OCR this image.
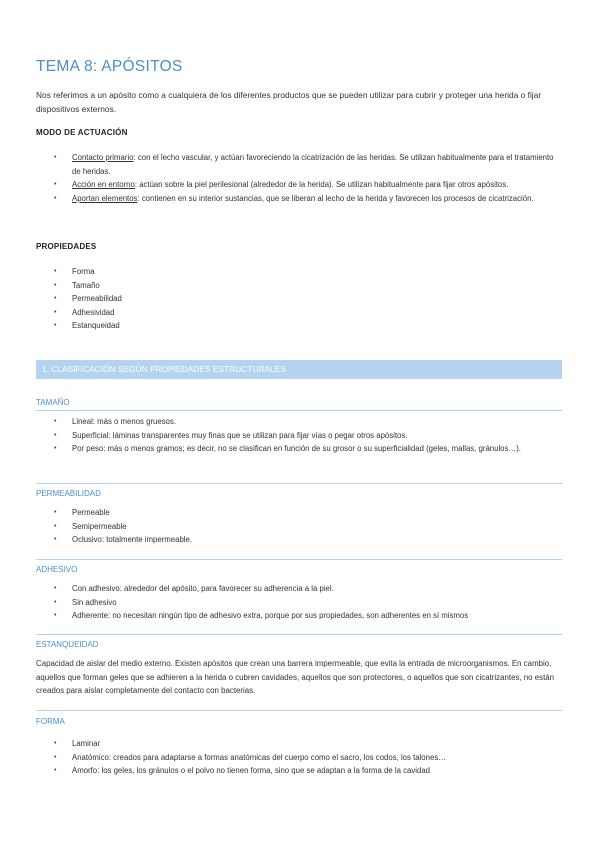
TEMA 8: APÓSITOS
Nos referimos a un apósito como a cualquiera de los diferentes productos que se pueden utilizar para cubrir y proteger una herida o fijar dispositivos externos.
MODO DE ACTUACIÓN
• Contacto primario: con el lecho vascular, y actúan favoreciendo la cicatrización de las heridas. Se utilizan habitualmente para el tratamiento de heridas.
• Acción en entorno: actúan sobre la piel perilesional (alrededor de la herida). Se utilizan habitualmente para fijar otros apósitos.
• Aportan elementos: contienen en su interior sustancias, que se liberan al lecho de la herida y favorecen los procesos de cicatrización.
PROPIEDADES
• Forma
• Tamaño
• Permeabilidad
• Adhesividad
• Estanqueidad
1. CLASIFICACIÓN SEGÚN PROPIEDADES ESTRUCTURALES
TAMAÑO
• Lineal: más o menos gruesos.
• Superficial: láminas transparentes muy finas que se utilizan para fijar vías o pegar otros apósitos.
• Por peso: más o menos gramos; es decir, no se clasifican en función de su grosor o su superficialidad (geles, mallas, gránulos…).
PERMEABILIDAD
• Permeable
• Semipermeable
• Oclusivo: totalmente impermeable.
ADHESIVO
• Con adhesivo: alrededor del apósito, para favorecer su adherencia a la piel.
• Sin adhesivo
• Adherente: no necesitan ningún tipo de adhesivo extra, porque por sus propiedades, son adherentes en sí mismos
ESTANQUEIDAD
Capacidad de aislar del medio externo. Existen apósitos que crean una barrera impermeable, que evita la entrada de microorganismos. En cambio, aquellos que forman geles que se adhieren a la herida o cubren cavidades, aquellos que son protectores, o aquellos que son cicatrizantes, no están creados para aislar completamente del contacto con bacterias.
FORMA
• Laminar
• Anatómico: creados para adaptarse a formas anatómicas del cuerpo como el sacro, los codos, los talones…
• Amorfo: los geles, los gránulos o el polvo no tienen forma, sino que se adaptan a la forma de la cavidad
